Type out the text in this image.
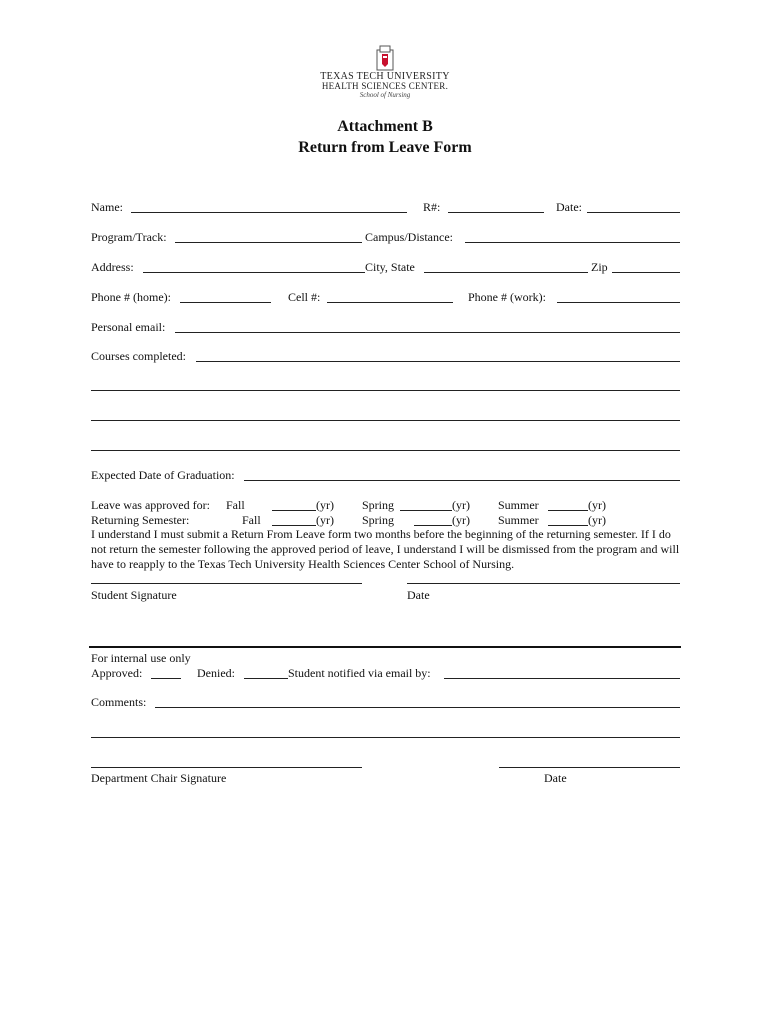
TEXAS TECH UNIVERSITY
HEALTH SCIENCES CENTER.
School of Nursing
Attachment B
Return from Leave Form
Name:	R#:	Date:
Program/Track:	Campus/Distance:
Address:	City, State	Zip
Phone # (home):	Cell #:	Phone # (work):
Personal email:
Courses completed:
Expected Date of Graduation:
Leave was approved for: Fall	(yr) Spring	(yr) Summer	(yr)
Returning Semester:	Fall	(yr) Spring	(yr) Summer	(yr)
I understand I must submit a Return From Leave form two months before the beginning of the returning semester. If I do not return the semester following the approved period of leave, I understand I will be dismissed from the program and will have to reapply to the Texas Tech University Health Sciences Center School of Nursing.
Student Signature	Date
For internal use only
Approved:	Denied:	Student notified via email by:
Comments:
Department Chair Signature	Date
